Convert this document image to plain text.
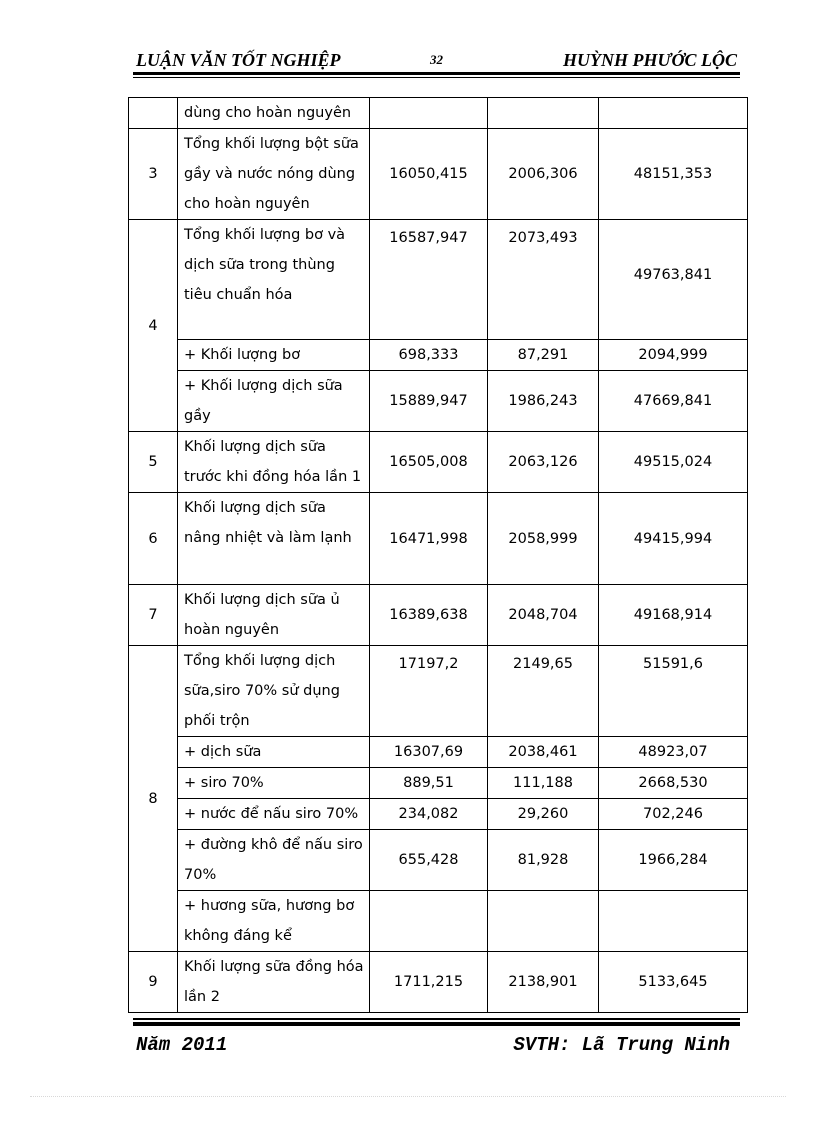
LUẬN VĂN TỐT NGHIỆP	32	HUỲNH PHƯỚC LỘC
	dùng cho hoàn nguyên			
3	Tổng khối lượng bột sữa gầy và nước nóng dùng cho hoàn nguyên	16050,415	2006,306	48151,353
4	Tổng khối lượng bơ và dịch sữa trong thùng tiêu chuẩn hóa	16587,947	2073,493	49763,841
	+ Khối lượng bơ	698,333	87,291	2094,999
	+ Khối lượng dịch sữa gầy	15889,947	1986,243	47669,841
5	Khối lượng dịch sữa trước khi đồng hóa lần 1	16505,008	2063,126	49515,024
6	Khối lượng dịch sữa nâng nhiệt và làm lạnh	16471,998	2058,999	49415,994
7	Khối lượng dịch sữa ủ hoàn nguyên	16389,638	2048,704	49168,914
8	Tổng khối lượng dịch sữa,siro 70% sử dụng phối trộn	17197,2	2149,65	51591,6
	+ dịch sữa	16307,69	2038,461	48923,07
	+ siro 70%	889,51	111,188	2668,530
	+ nước để nấu siro 70%	234,082	29,260	702,246
	+ đường khô để nấu siro 70%	655,428	81,928	1966,284
	+ hương sữa, hương bơ không đáng kể			
9	Khối lượng sữa đồng hóa lần 2	1711,215	2138,901	5133,645
Năm 2011	SVTH: Lã Trung Ninh
